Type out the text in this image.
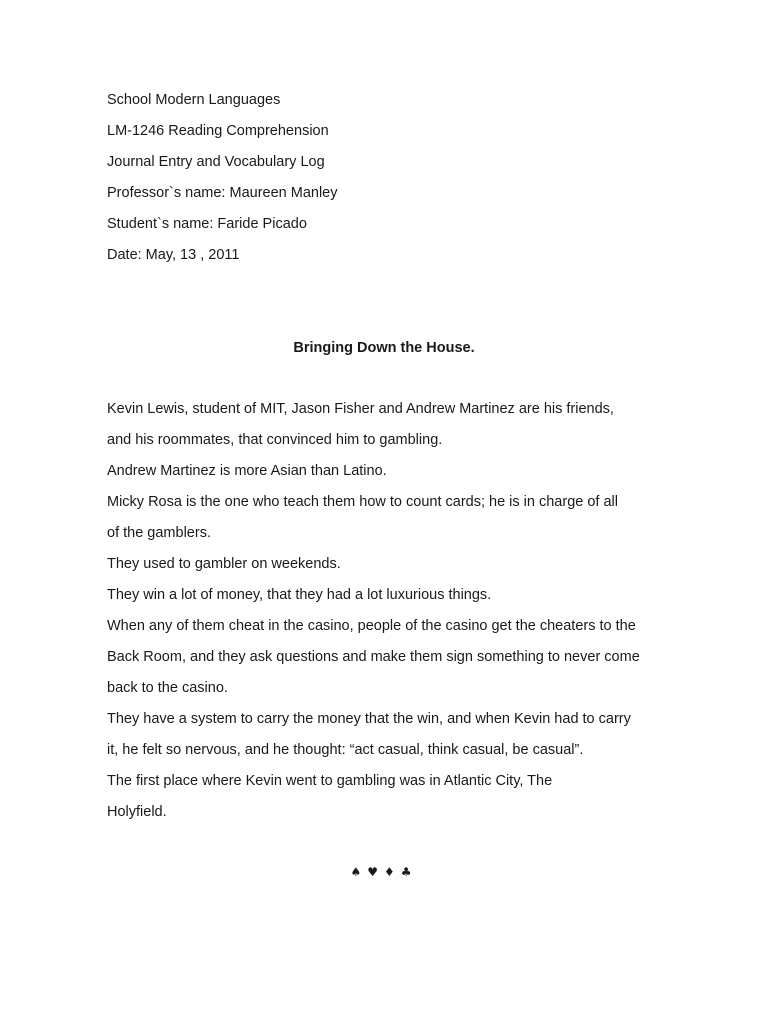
School Modern Languages
LM-1246 Reading Comprehension
Journal Entry and Vocabulary Log
Professor`s name: Maureen Manley
Student`s name: Faride Picado
Date: May, 13 , 2011
Bringing Down the House.
Kevin Lewis, student of MIT, Jason Fisher and Andrew Martinez are his friends,
and his roommates, that convinced him to gambling.
Andrew Martinez is more Asian than Latino.
Micky Rosa is the one who teach them how to count cards; he is in charge of all
of the gamblers.
They used to gambler on weekends.
They win a lot of money, that they had a lot luxurious things.
When any of them cheat in the casino, people of the casino get the cheaters to the
Back Room, and they ask questions and make them sign something to never come
back to the casino.
They have a system to carry the money that the win, and when Kevin had to carry
it, he felt so nervous, and he thought: “act casual, think casual, be casual”.
The first place where Kevin went to gambling was in Atlantic City, The
Holyfield.
♠♥♦♣
